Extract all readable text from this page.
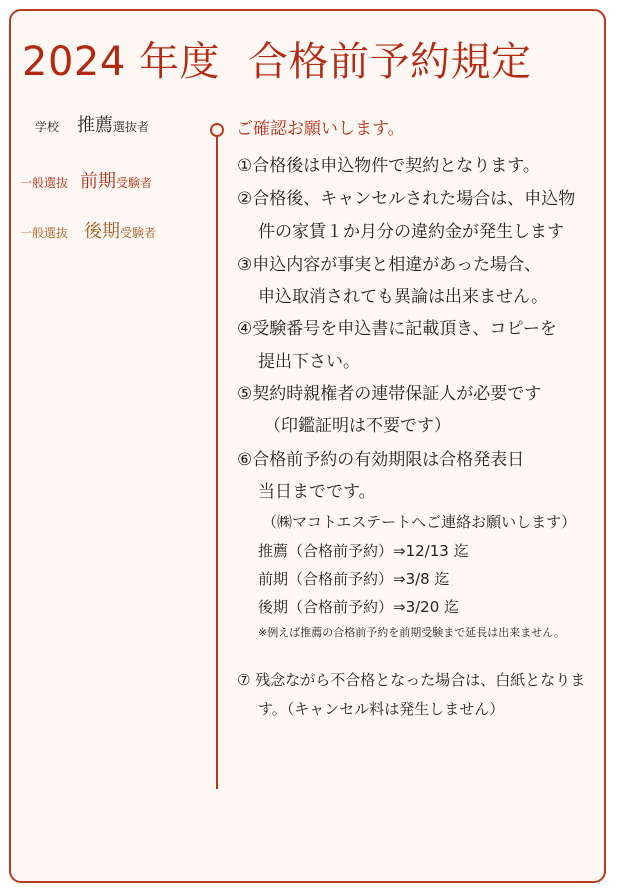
2024 年度 合格前予約規定
学校 推薦選抜者
一般選抜 前期受験者
一般選抜 後期受験者
ご確認お願いします。
①合格後は申込物件で契約となります。
②合格後、キャンセルされた場合は、申込物
件の家賃１か月分の違約金が発生します
③申込内容が事実と相違があった場合、
申込取消されても異論は出来ません。
④受験番号を申込書に記載頂き、コピーを
提出下さい。
⑤契約時親権者の連帯保証人が必要です
（印鑑証明は不要です）
⑥合格前予約の有効期限は合格発表日
当日までです。
（㈱マコトエステートへご連絡お願いします）
推薦（合格前予約）⇒12/13 迄
前期（合格前予約）⇒3/8 迄
後期（合格前予約）⇒3/20 迄
※例えば推薦の合格前予約を前期受験まで延長は出来ません。
⑦ 残念ながら不合格となった場合は、白紙となりま
す。（キャンセル料は発生しません）
